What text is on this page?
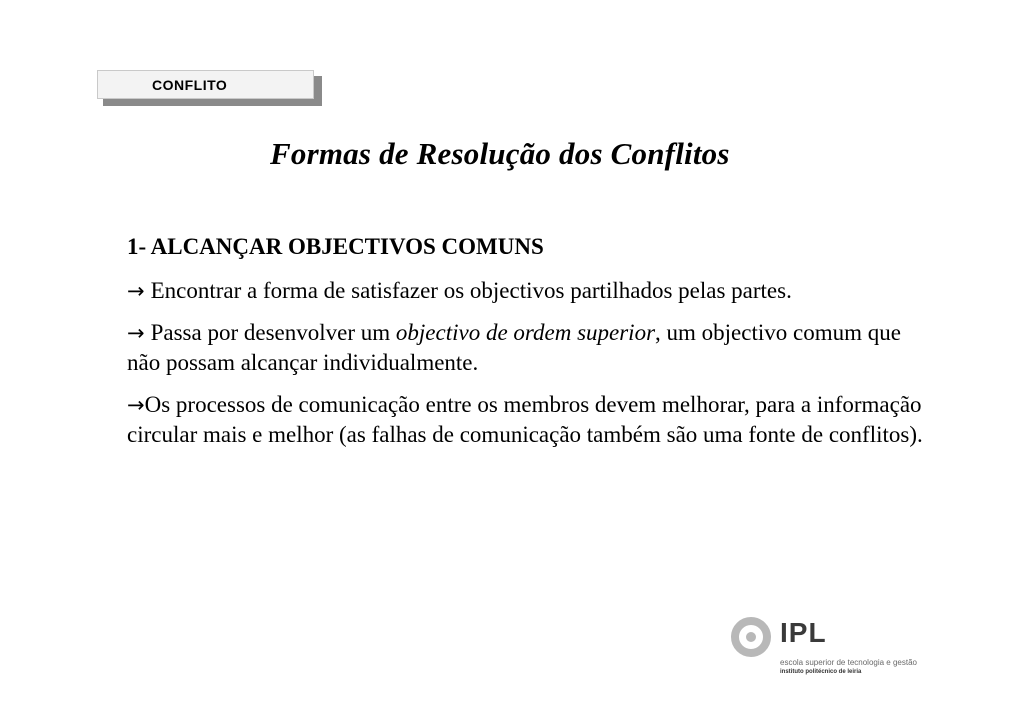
CONFLITO
Formas de Resolução dos Conflitos

1- ALCANÇAR OBJECTIVOS COMUNS

→ Encontrar a forma de satisfazer os objectivos partilhados pelas partes.

→ Passa por desenvolver um objectivo de ordem superior, um objectivo comum que não possam alcançar individualmente.

→Os processos de comunicação entre os membros devem melhorar, para a informação circular mais e melhor (as falhas de comunicação também são uma fonte de conflitos).

IPL
escola superior de tecnologia e gestão
instituto politécnico de leiria
